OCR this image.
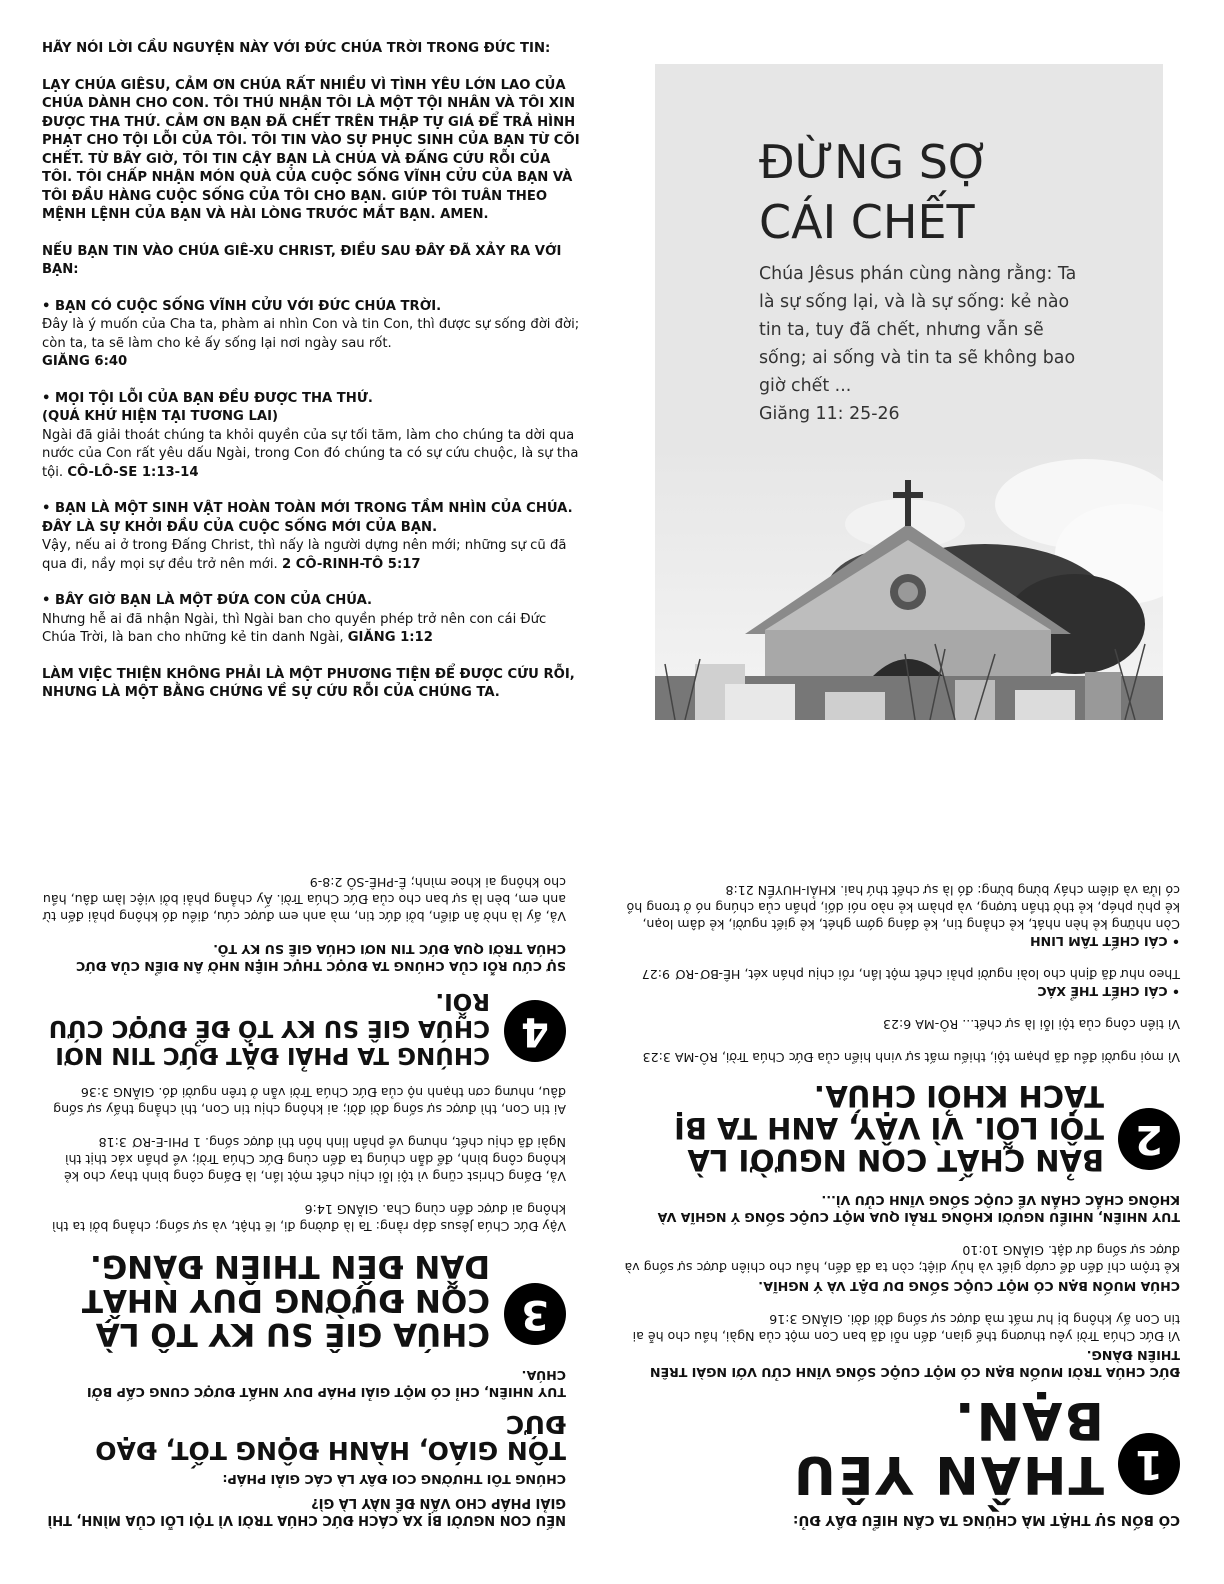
HÃY NÓI LỜI CẦU NGUYỆN NÀY VỚI ĐỨC CHÚA TRỜI TRONG ĐỨC TIN:

LẠY CHÚA GIÊSU, CẢM ƠN CHÚA RẤT NHIỀU VÌ TÌNH YÊU LỚN LAO CỦA CHÚA DÀNH CHO CON. TÔI THÚ NHẬN TÔI LÀ MỘT TỘI NHÂN VÀ TÔI XIN ĐƯỢC THA THỨ. CẢM ƠN BẠN ĐÃ CHẾT TRÊN THẬP TỰ GIÁ ĐỂ TRẢ HÌNH PHẠT CHO TỘI LỖI CỦA TÔI. TÔI TIN VÀO SỰ PHỤC SINH CỦA BẠN TỪ CÕI CHẾT. TỪ BÂY GIỜ, TÔI TIN CẬY BẠN LÀ CHÚA VÀ ĐẤNG CỨU RỖI CỦA TÔI. TÔI CHẤP NHẬN MÓN QUÀ CỦA CUỘC SỐNG VĨNH CỬU CỦA BẠN VÀ TÔI ĐẦU HÀNG CUỘC SỐNG CỦA TÔI CHO BẠN. GIÚP TÔI TUÂN THEO MỆNH LỆNH CỦA BẠN VÀ HÀI LÒNG TRƯỚC MẮT BẠN. AMEN.

NẾU BẠN TIN VÀO CHÚA GIÊ-XU CHRIST, ĐIỀU SAU ĐÂY ĐÃ XẢY RA VỚI BẠN:

• BẠN CÓ CUỘC SỐNG VĨNH CỬU VỚI ĐỨC CHÚA TRỜI.
Đây là ý muốn của Cha ta, phàm ai nhìn Con và tin Con, thì được sự sống đời đời; còn ta, ta sẽ làm cho kẻ ấy sống lại nơi ngày sau rốt.
GIĂNG 6:40
• MỌI TỘI LỖI CỦA BẠN ĐỀU ĐƯỢC THA THỨ.
(QUÁ KHỨ HIỆN TẠI TƯƠNG LAI)
Ngài đã giải thoát chúng ta khỏi quyền của sự tối tăm, làm cho chúng ta dời qua nước của Con rất yêu dấu Ngài, trong Con đó chúng ta có sự cứu chuộc, là sự tha tội. CÔ-LÔ-SE 1:13-14
• BẠN LÀ MỘT SINH VẬT HOÀN TOÀN MỚI TRONG TẦM NHÌN CỦA CHÚA. ĐÂY LÀ SỰ KHỞI ĐẦU CỦA CUỘC SỐNG MỚI CỦA BẠN.
Vậy, nếu ai ở trong Đấng Christ, thì nấy là người dựng nên mới; những sự cũ đã qua đi, nầy mọi sự đều trở nên mới. 2 CÔ-RINH-TÔ 5:17
• BÂY GIỜ BẠN LÀ MỘT ĐỨA CON CỦA CHÚA.
Nhưng hễ ai đã nhận Ngài, thì Ngài ban cho quyền phép trở nên con cái Đức Chúa Trời, là ban cho những kẻ tin danh Ngài, GIĂNG 1:12

LÀM VIỆC THIỆN KHÔNG PHẢI LÀ MỘT PHƯƠNG TIỆN ĐỂ ĐƯỢC CỨU RỖI, NHƯNG LÀ MỘT BẰNG CHỨNG VỀ SỰ CỨU RỖI CỦA CHÚNG TA.

ĐỪNG SỢ
CÁI CHẾT
Chúa Jêsus phán cùng nàng rằng: Ta là sự sống lại, và là sự sống: kẻ nào tin ta, tuy đã chết, nhưng vẫn sẽ sống; ai sống và tin ta sẽ không bao giờ chết ...
Giăng 11: 25-26

NẾU CON NGƯỜI BỊ XA CÁCH ĐỨC CHÚA TRỜI VÌ TỘI LỖI CỦA MÌNH, THÌ GIẢI PHÁP CHO VẤN ĐỀ NÀY LÀ GÌ?

CHÚNG TÔI THƯỜNG COI ĐÂY LÀ CÁC GIẢI PHÁP:
TÔN GIÁO, HÀNH ĐỘNG TỐT, ĐẠO ĐỨC

TUY NHIÊN, CHỈ CÓ MỘT GIẢI PHÁP DUY NHẤT ĐƯỢC CUNG CẤP BỞI CHÚA.

3
CHÚA GIÊ SU KY TÔ LÀ CON ĐƯỜNG DUY NHẤT DẪN ĐẾN THIÊN ĐÀNG.

Vậy Đức Chúa Jêsus đáp rằng: Ta là đường đi, lẽ thật, và sự sống; chẳng bởi ta thì không ai được đến cùng Cha. GIĂNG 14:6

Vả, Đấng Christ cũng vì tội lỗi chịu chết một lần, là Đấng công bình thay cho kẻ không công bình, để dẫn chúng ta đến cùng Đức Chúa Trời; về phần xác thịt thì Ngài đã chịu chết, nhưng về phần linh hồn thì được sống. 1 PHI-E-RƠ 3:18

Ai tin Con, thì được sự sống đời đời; ai không chịu tin Con, thì chẳng thấy sự sống đâu, nhưng cơn thạnh nộ của Đức Chúa Trời vẫn ở trên người đó. GIĂNG 3:36

4
CHÚNG TA PHẢI ĐẶT ĐỨC TIN NƠI CHÚA GIÊ SU KY TÔ ĐỂ ĐƯỢC CỨU RỖI.

SỰ CỨU RỖI CỦA CHÚNG TA ĐƯỢC THỰC HIỆN NHỜ ÂN ĐIỂN CỦA ĐỨC CHÚA TRỜI QUA ĐỨC TIN NƠI CHÚA GIÊ SU KY TÔ.

Vả, ấy là nhờ ân điển, bởi đức tin, mà anh em được cứu, điều đó không phải đến từ anh em, bèn là sự ban cho của Đức Chúa Trời. Ấy chẳng phải bởi việc làm đâu, hầu cho không ai khoe mình; Ê-PHÊ-SÔ 2:8-9

CÓ BỐN SỰ THẬT MÀ CHÚNG TA CẦN HIỂU ĐẦY ĐỦ:
1
THẦN YÊU BẠN.

ĐỨC CHÚA TRỜI MUỐN BẠN CÓ MỘT CUỘC SỐNG VĨNH CỬU VỚI NGÀI TRÊN THIÊN ĐÀNG.

Vì Đức Chúa Trời yêu thương thế gian, đến nỗi đã ban Con một của Ngài, hầu cho hễ ai tin Con ấy không bị hư mất mà được sự sống đời đời. GIĂNG 3:16

CHÚA MUỐN BẠN CÓ MỘT CUỘC SỐNG DƯ DẬT VÀ Ý NGHĨA.

Kẻ trộm chỉ đến để cướp giết và hủy diệt; còn ta đã đến, hầu cho chiên được sự sống và được sự sống dư dật. GIĂNG 10:10

TUY NHIÊN, NHIỀU NGƯỜI KHÔNG TRẢI QUA MỘT CUỘC SỐNG Ý NGHĨA VÀ KHÔNG CHẮC CHẮN VỀ CUỘC SỐNG VĨNH CỬU VÌ...

2
BẢN CHẤT CON NGƯỜI LÀ TỘI LỖI. VÌ VẬY, ANH TA BỊ TÁCH KHỎI CHÚA.

Vì mọi người đều đã phạm tội, thiếu mất sự vinh hiển của Đức Chúa Trời, RÔ-MA 3:23

Vì tiền công của tội lỗi là sự chết... RÔ-MA 6:23

• CÁI CHẾT THỂ XÁC

Theo như đã định cho loài người phải chết một lần, rồi chịu phán xét, HÊ-BƠ-RƠ 9:27

• CÁI CHẾT TÂM LINH

Còn những kẻ hèn nhát, kẻ chẳng tin, kẻ đáng gớm ghét, kẻ giết người, kẻ dâm loạn, kẻ phù phép, kẻ thờ thần tượng, và phàm kẻ nào nói dối, phần của chúng nó ở trong hồ có lửa và diêm cháy bừng bừng: đó là sự chết thứ hai. KHẢI-HUYỀN 21:8
